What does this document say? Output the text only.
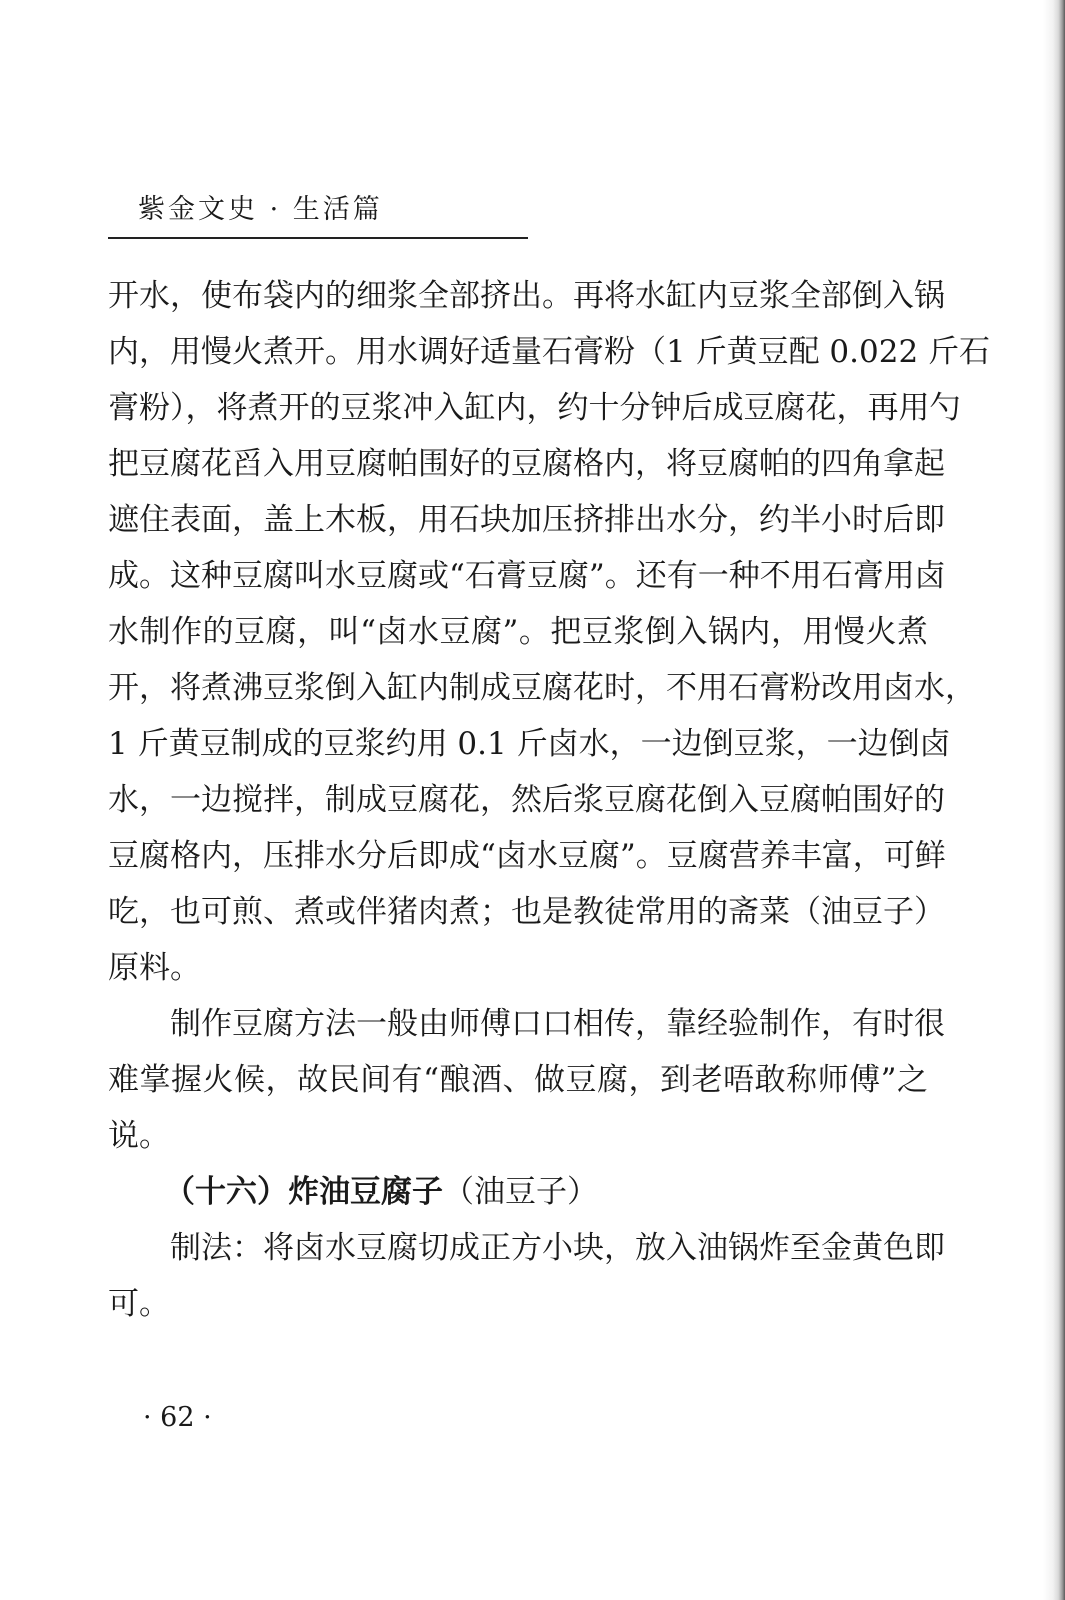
紫金文史 · 生活篇
开水，使布袋内的细浆全部挤出。再将水缸内豆浆全部倒入锅
内，用慢火煮开。用水调好适量石膏粉（1 斤黄豆配 0.022 斤石
膏粉），将煮开的豆浆冲入缸内，约十分钟后成豆腐花，再用勺
把豆腐花舀入用豆腐帕围好的豆腐格内，将豆腐帕的四角拿起
遮住表面，盖上木板，用石块加压挤排出水分，约半小时后即
成。这种豆腐叫水豆腐或“石膏豆腐”。还有一种不用石膏用卤
水制作的豆腐，叫“卤水豆腐”。把豆浆倒入锅内，用慢火煮
开，将煮沸豆浆倒入缸内制成豆腐花时，不用石膏粉改用卤水，
1 斤黄豆制成的豆浆约用 0.1 斤卤水，一边倒豆浆，一边倒卤
水，一边搅拌，制成豆腐花，然后浆豆腐花倒入豆腐帕围好的
豆腐格内，压排水分后即成“卤水豆腐”。豆腐营养丰富，可鲜
吃，也可煎、煮或伴猪肉煮；也是教徒常用的斋菜（油豆子）
原料。
　　制作豆腐方法一般由师傅口口相传，靠经验制作，有时很
难掌握火候，故民间有“酿酒、做豆腐，到老唔敢称师傅”之
说。
（十六）炸油豆腐子（油豆子）
　　制法：将卤水豆腐切成正方小块，放入油锅炸至金黄色即
可。
· 62 ·
